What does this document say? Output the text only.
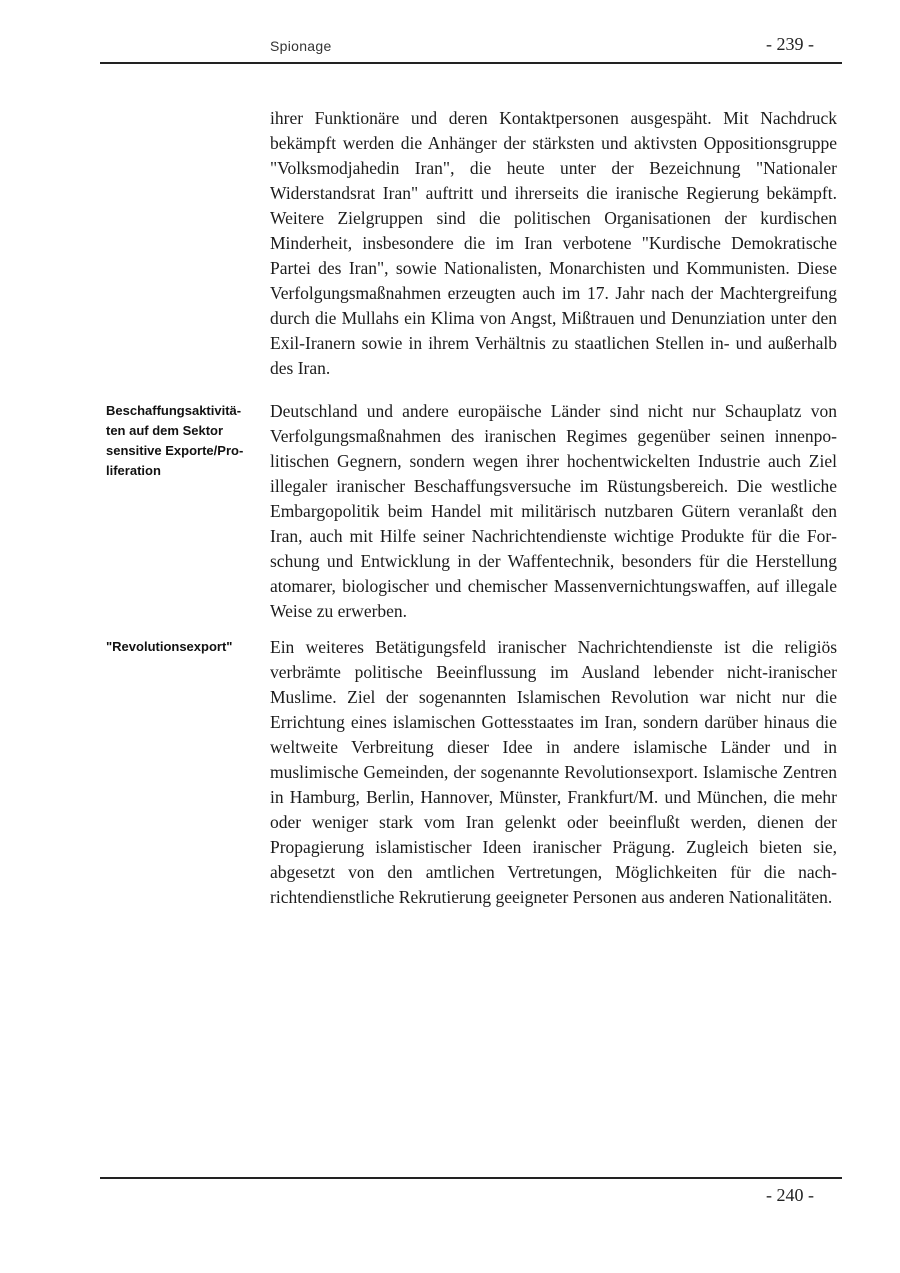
Spionage	- 239 -

ihrer Funktionäre und deren Kontaktpersonen ausgespäht. Mit Nachdruck bekämpft werden die Anhänger der stärksten und aktivsten Oppositionsgruppe "Volksmodjahedin Iran", die heute unter der Bezeichnung "Nationaler Widerstandsrat Iran" auftritt und ihrerseits die iranische Regierung bekämpft. Weitere Zielgruppen sind die politischen Organisationen der kurdischen Minderheit, insbesondere die im Iran verbotene "Kurdische Demokratische Partei des Iran", sowie Nationalisten, Monarchisten und Kommunisten. Diese Verfolgungsmaßnahmen erzeugten auch im 17. Jahr nach der Machtergreifung durch die Mullahs ein Klima von Angst, Mißtrauen und Denunziation unter den Exil-Iranern sowie in ihrem Verhältnis zu staatlichen Stellen in- und außerhalb des Iran.

Beschaffungsaktivitäten auf dem Sektor sensitive Exporte/Proliferation

Deutschland und andere europäische Länder sind nicht nur Schauplatz von Verfolgungsmaßnahmen des iranischen Regimes gegenüber seinen innenpolitischen Gegnern, sondern wegen ihrer hochentwickelten Industrie auch Ziel illegaler iranischer Beschaffungsversuche im Rüstungsbereich. Die westliche Embargopolitik beim Handel mit militärisch nutzbaren Gütern veranlaßt den Iran, auch mit Hilfe seiner Nachrichtendienste wichtige Produkte für die Forschung und Entwicklung in der Waffentechnik, besonders für die Herstellung atomarer, biologischer und chemischer Massenvernichtungswaffen, auf illegale Weise zu erwerben.

"Revolutionsexport"	Ein weiteres Betätigungsfeld iranischer Nachrichtendienste ist die religiös verbrämte politische Beeinflussung im Ausland lebender nicht-iranischer Muslime. Ziel der sogenannten Islamischen Revolution war nicht nur die Errichtung eines islamischen Gottesstaates im Iran, sondern darüber hinaus die weltweite Verbreitung dieser Idee in andere islamische Länder und in muslimische Gemeinden, der sogenannte Revolutionsexport. Islamische Zentren in Hamburg, Berlin, Hannover, Münster, Frankfurt/M. und München, die mehr oder weniger stark vom Iran gelenkt oder beeinflußt werden, dienen der Propagierung islamistischer Ideen iranischer Prägung. Zugleich bieten sie, abgesetzt von den amtlichen Vertretungen, Möglichkeiten für die nachrichtendienstliche Rekrutierung geeigneter Personen aus anderen Nationalitäten.

- 240 -
